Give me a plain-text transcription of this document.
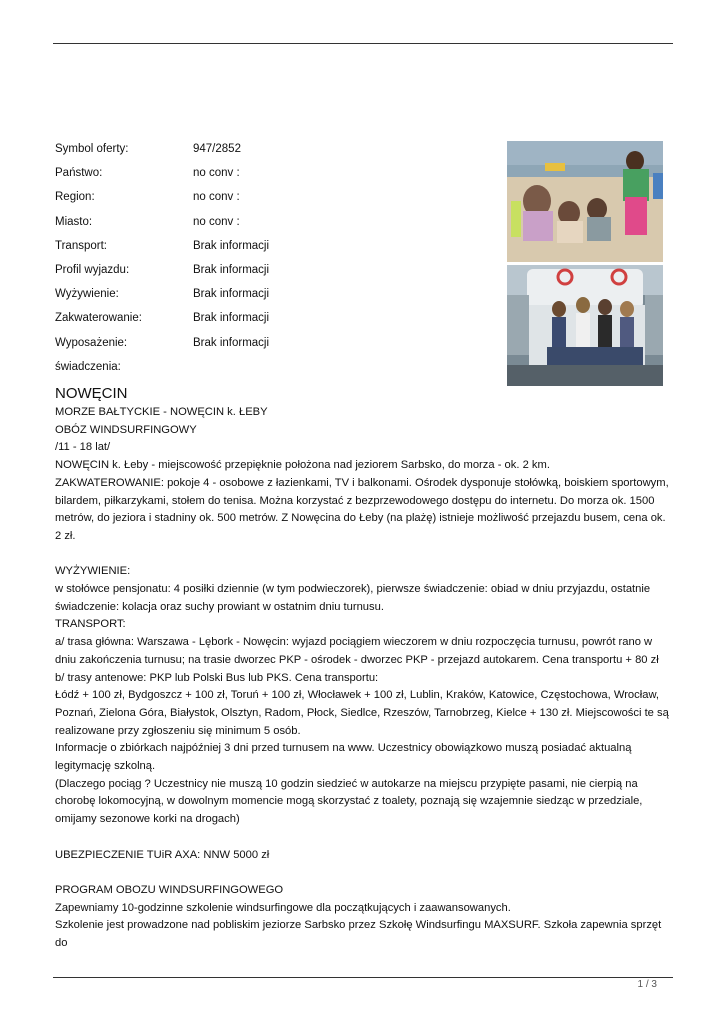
Symbol oferty:	947/2852
Państwo:	no conv :
Region:	no conv :
Miasto:	no conv :
Transport:	Brak informacji
Profil wyjazdu:	Brak informacji
Wyżywienie:	Brak informacji
Zakwaterowanie:	Brak informacji
Wyposażenie:	Brak informacji
świadczenia:
NOWĘCIN

MORZE BAŁTYCKIE - NOWĘCIN k. ŁEBY

OBÓZ WINDSURFINGOWY

/11 - 18 lat/

NOWĘCIN k. Łeby - miejscowość przepięknie położona nad jeziorem Sarbsko, do morza - ok. 2 km.

ZAKWATEROWANIE: pokoje 4 - osobowe z łazienkami, TV i balkonami. Ośrodek dysponuje stołówką, boiskiem sportowym, bilardem, piłkarzykami, stołem do tenisa. Można korzystać z bezprzewodowego dostępu do internetu. Do morza ok. 1500 metrów, do jeziora i stadniny ok. 500 metrów. Z Nowęcina do Łeby (na plażę) istnieje możliwość przejazdu busem, cena ok. 2 zł.

WYŻYWIENIE:

w stołówce pensjonatu: 4 posiłki dziennie (w tym podwieczorek), pierwsze świadczenie: obiad w dniu przyjazdu, ostatnie świadczenie: kolacja oraz suchy prowiant w ostatnim dniu turnusu.

TRANSPORT:

a/ trasa główna: Warszawa - Lębork - Nowęcin: wyjazd pociągiem wieczorem w dniu rozpoczęcia turnusu, powrót rano w dniu zakończenia turnusu; na trasie dworzec PKP - ośrodek - dworzec PKP - przejazd autokarem. Cena transportu + 80 zł

b/ trasy antenowe: PKP lub Polski Bus lub PKS. Cena transportu:

Łódź + 100 zł, Bydgoszcz + 100 zł, Toruń + 100 zł, Włocławek + 100 zł, Lublin, Kraków, Katowice, Częstochowa, Wrocław, Poznań, Zielona Góra, Białystok, Olsztyn, Radom, Płock, Siedlce, Rzeszów, Tarnobrzeg, Kielce + 130 zł. Miejscowości te są realizowane przy zgłoszeniu się minimum 5 osób.

Informacje o zbiórkach najpóźniej 3 dni przed turnusem na www. Uczestnicy obowiązkowo muszą posiadać aktualną legitymację szkolną.

(Dlaczego pociąg ? Uczestnicy nie muszą 10 godzin siedzieć w autokarze na miejscu przypięte pasami, nie cierpią na chorobę lokomocyjną, w dowolnym momencie mogą skorzystać z toalety, poznają się wzajemnie siedząc w przedziale, omijamy sezonowe korki na drogach)

UBEZPIECZENIE TUiR AXA: NNW 5000 zł

PROGRAM OBOZU WINDSURFINGOWEGO

Zapewniamy 10-godzinne szkolenie windsurfingowe dla początkujących i zaawansowanych.

Szkolenie jest prowadzone nad pobliskim jeziorze Sarbsko przez Szkołę Windsurfingu MAXSURF. Szkoła zapewnia sprzęt do

1 / 3
